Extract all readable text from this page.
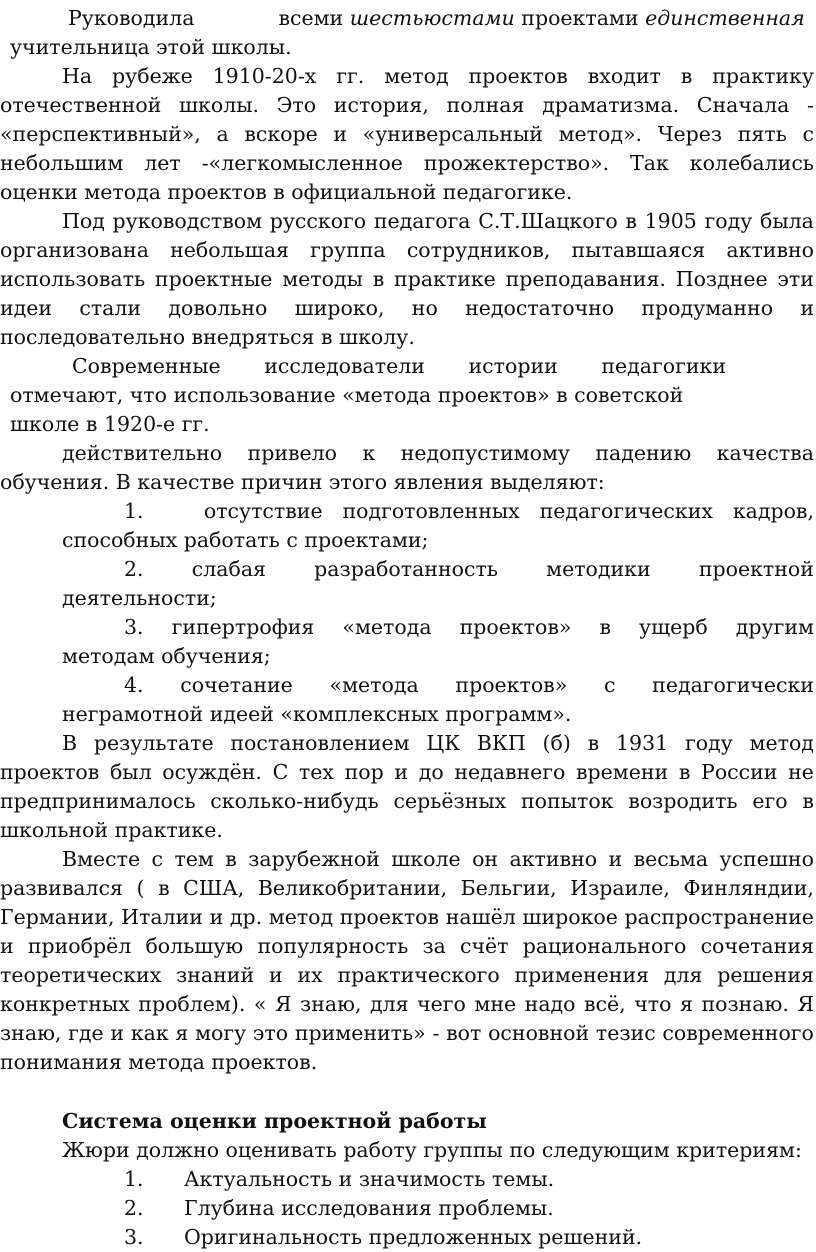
Руководила	всеми шестьюстами проектами единственная
учительница этой школы.
На рубеже 1910-20-х гг. метод проектов входит в практику
отечественной школы. Это история, полная драматизма. Сначала -
«перспективный», а вскоре и «универсальный метод». Через пять с
небольшим лет -«легкомысленное прожектерство». Так колебались
оценки метода проектов в официальной педагогике.
Под руководством русского педагога С.Т.Шацкого в 1905 году была
организована небольшая группа сотрудников, пытавшаяся активно
использовать проектные методы в практике преподавания. Позднее эти
идеи стали довольно широко, но недостаточно продуманно и
последовательно внедряться в школу.
Современные исследователи истории педагогики
отмечают, что использование «метода проектов» в советской
школе в 1920-е гг.
действительно привело к недопустимому падению качества
обучения. В качестве причин этого явления выделяют:
1.	отсутствие подготовленных педагогических кадров,
способных работать с проектами;
2. слабая разработанность методики проектной
деятельности;
3. гипертрофия «метода проектов» в ущерб другим
методам обучения;
4. сочетание «метода проектов» с педагогически
неграмотной идеей «комплексных программ».
В результате постановлением ЦК ВКП (б) в 1931 году метод
проектов был осуждён. С тех пор и до недавнего времени в России не
предпринималось сколько-нибудь серьёзных попыток возродить его в
школьной практике.
Вместе с тем в зарубежной школе он активно и весьма успешно
развивался ( в США, Великобритании, Бельгии, Израиле, Финляндии,
Германии, Италии и др. метод проектов нашёл широкое распространение
и приобрёл большую популярность за счёт рационального сочетания
теоретических знаний и их практического применения для решения
конкретных проблем). « Я знаю, для чего мне надо всё, что я познаю. Я
знаю, где и как я могу это применить» - вот основной тезис современного
понимания метода проектов.
Система оценки проектной работы
Жюри должно оценивать работу группы по следующим критериям:
1. Актуальность и значимость темы.
2. Глубина исследования проблемы.
3. Оригинальность предложенных решений.
